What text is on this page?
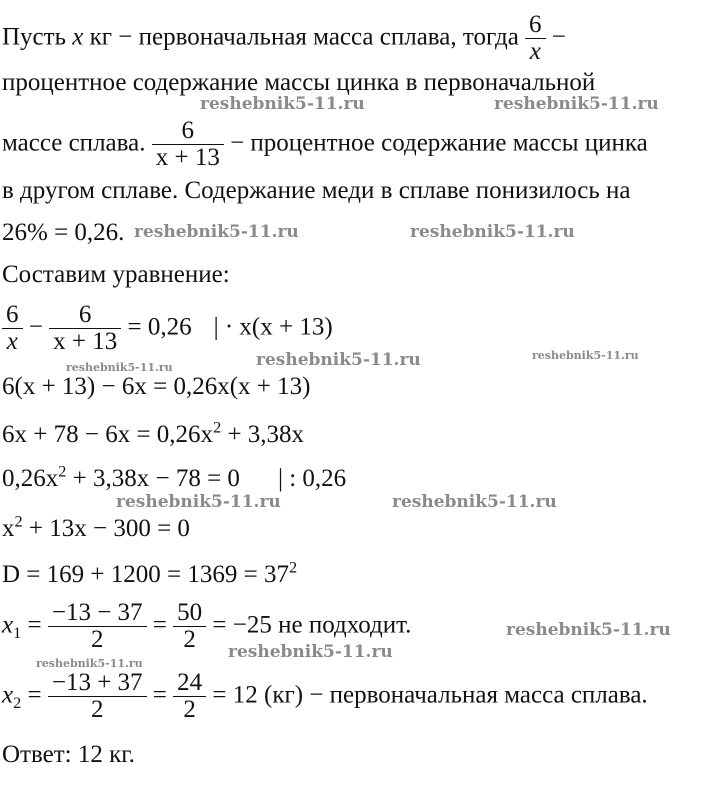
Пусть x кг − первоначальная масса сплава, тогда $\frac{6}{x}$ −
процентное содержание массы цинка в первоначальной
массе сплава. $\frac{6}{x + 13}$ − процентное содержание массы цинка
в другом сплаве. Содержание меди в сплаве понизилось на
26% = 0,26.
Составим уравнение:
$\frac{6}{x} - \frac{6}{x + 13} = 0,26$ | · x(x + 13)
6(x + 13) − 6x = 0,26x(x + 13)
$6x + 78 - 6x = 0,26x^2 + 3,38x$
$0,26x^2 + 3,38x - 78 = 0$ | : 0,26
$x^2 + 13x - 300 = 0$
$D = 169 + 1200 = 1369 = 37^2$
$x_1 = \frac{-13 - 37}{2} = \frac{50}{2} = -25$ не подходит.
$x_2 = \frac{-13 + 37}{2} = \frac{24}{2} = 12$ (кг) − первоначальная масса сплава.
Ответ: 12 кг.
reshebnik5-11.ru	reshebnik5-11.ru
reshebnik5-11.ru	reshebnik5-11.ru
reshebnik5-11.ru	reshebnik5-11.ru
reshebnik5-11.ru
reshebnik5-11.ru	reshebnik5-11.ru
reshebnik5-11.ru
reshebnik5-11.ru
reshebnik5-11.ru
